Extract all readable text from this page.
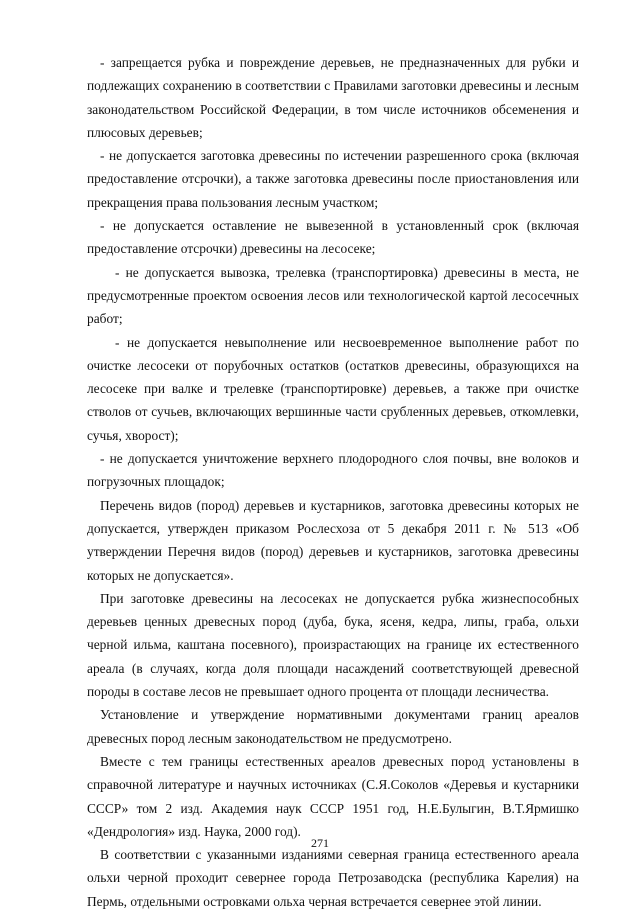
- запрещается рубка и повреждение деревьев, не предназначенных для рубки и подлежащих сохранению в соответствии с Правилами заготовки древесины и лесным законодательством Российской Федерации, в том числе источников обсеменения и плюсовых деревьев;

- не допускается заготовка древесины по истечении разрешенного срока (включая предоставление отсрочки), а также заготовка древесины после приостановления или прекращения права пользования лесным участком;

- не допускается оставление не вывезенной в установленный срок (включая предоставление отсрочки) древесины на лесосеке;

- не допускается вывозка, трелевка (транспортировка) древесины в места, не предусмотренные проектом освоения лесов или технологической картой лесосечных работ;

- не допускается невыполнение или несвоевременное выполнение работ по очистке лесосеки от порубочных остатков (остатков древесины, образующихся на лесосеке при валке и трелевке (транспортировке) деревьев, а также при очистке стволов от сучьев, включающих вершинные части срубленных деревьев, откомлевки, сучья, хворост);

- не допускается уничтожение верхнего плодородного слоя почвы, вне волоков и погрузочных площадок;

Перечень видов (пород) деревьев и кустарников, заготовка древесины которых не допускается, утвержден приказом Рослесхоза от 5 декабря 2011 г. № 513 «Об утверждении Перечня видов (пород) деревьев и кустарников, заготовка древесины которых не допускается».

При заготовке древесины на лесосеках не допускается рубка жизнеспособных деревьев ценных древесных пород (дуба, бука, ясеня, кедра, липы, граба, ольхи черной ильма, каштана посевного), произрастающих на границе их естественного ареала (в случаях, когда доля площади насаждений соответствующей древесной породы в составе лесов не превышает одного процента от площади лесничества.

Установление и утверждение нормативными документами границ ареалов древесных пород лесным законодательством не предусмотрено.

Вместе с тем границы естественных ареалов древесных пород установлены в справочной литературе и научных источниках (С.Я.Соколов «Деревья и кустарники СССР» том 2 изд. Академия наук СССР 1951 год, Н.Е.Булыгин, В.Т.Ярмишко «Дендрология» изд. Наука, 2000 год).

В соответствии с указанными изданиями северная граница естественного ареала ольхи черной проходит севернее города Петрозаводска (республика Карелия) на Пермь, отдельными островками ольха черная встречается севернее этой линии.

271
